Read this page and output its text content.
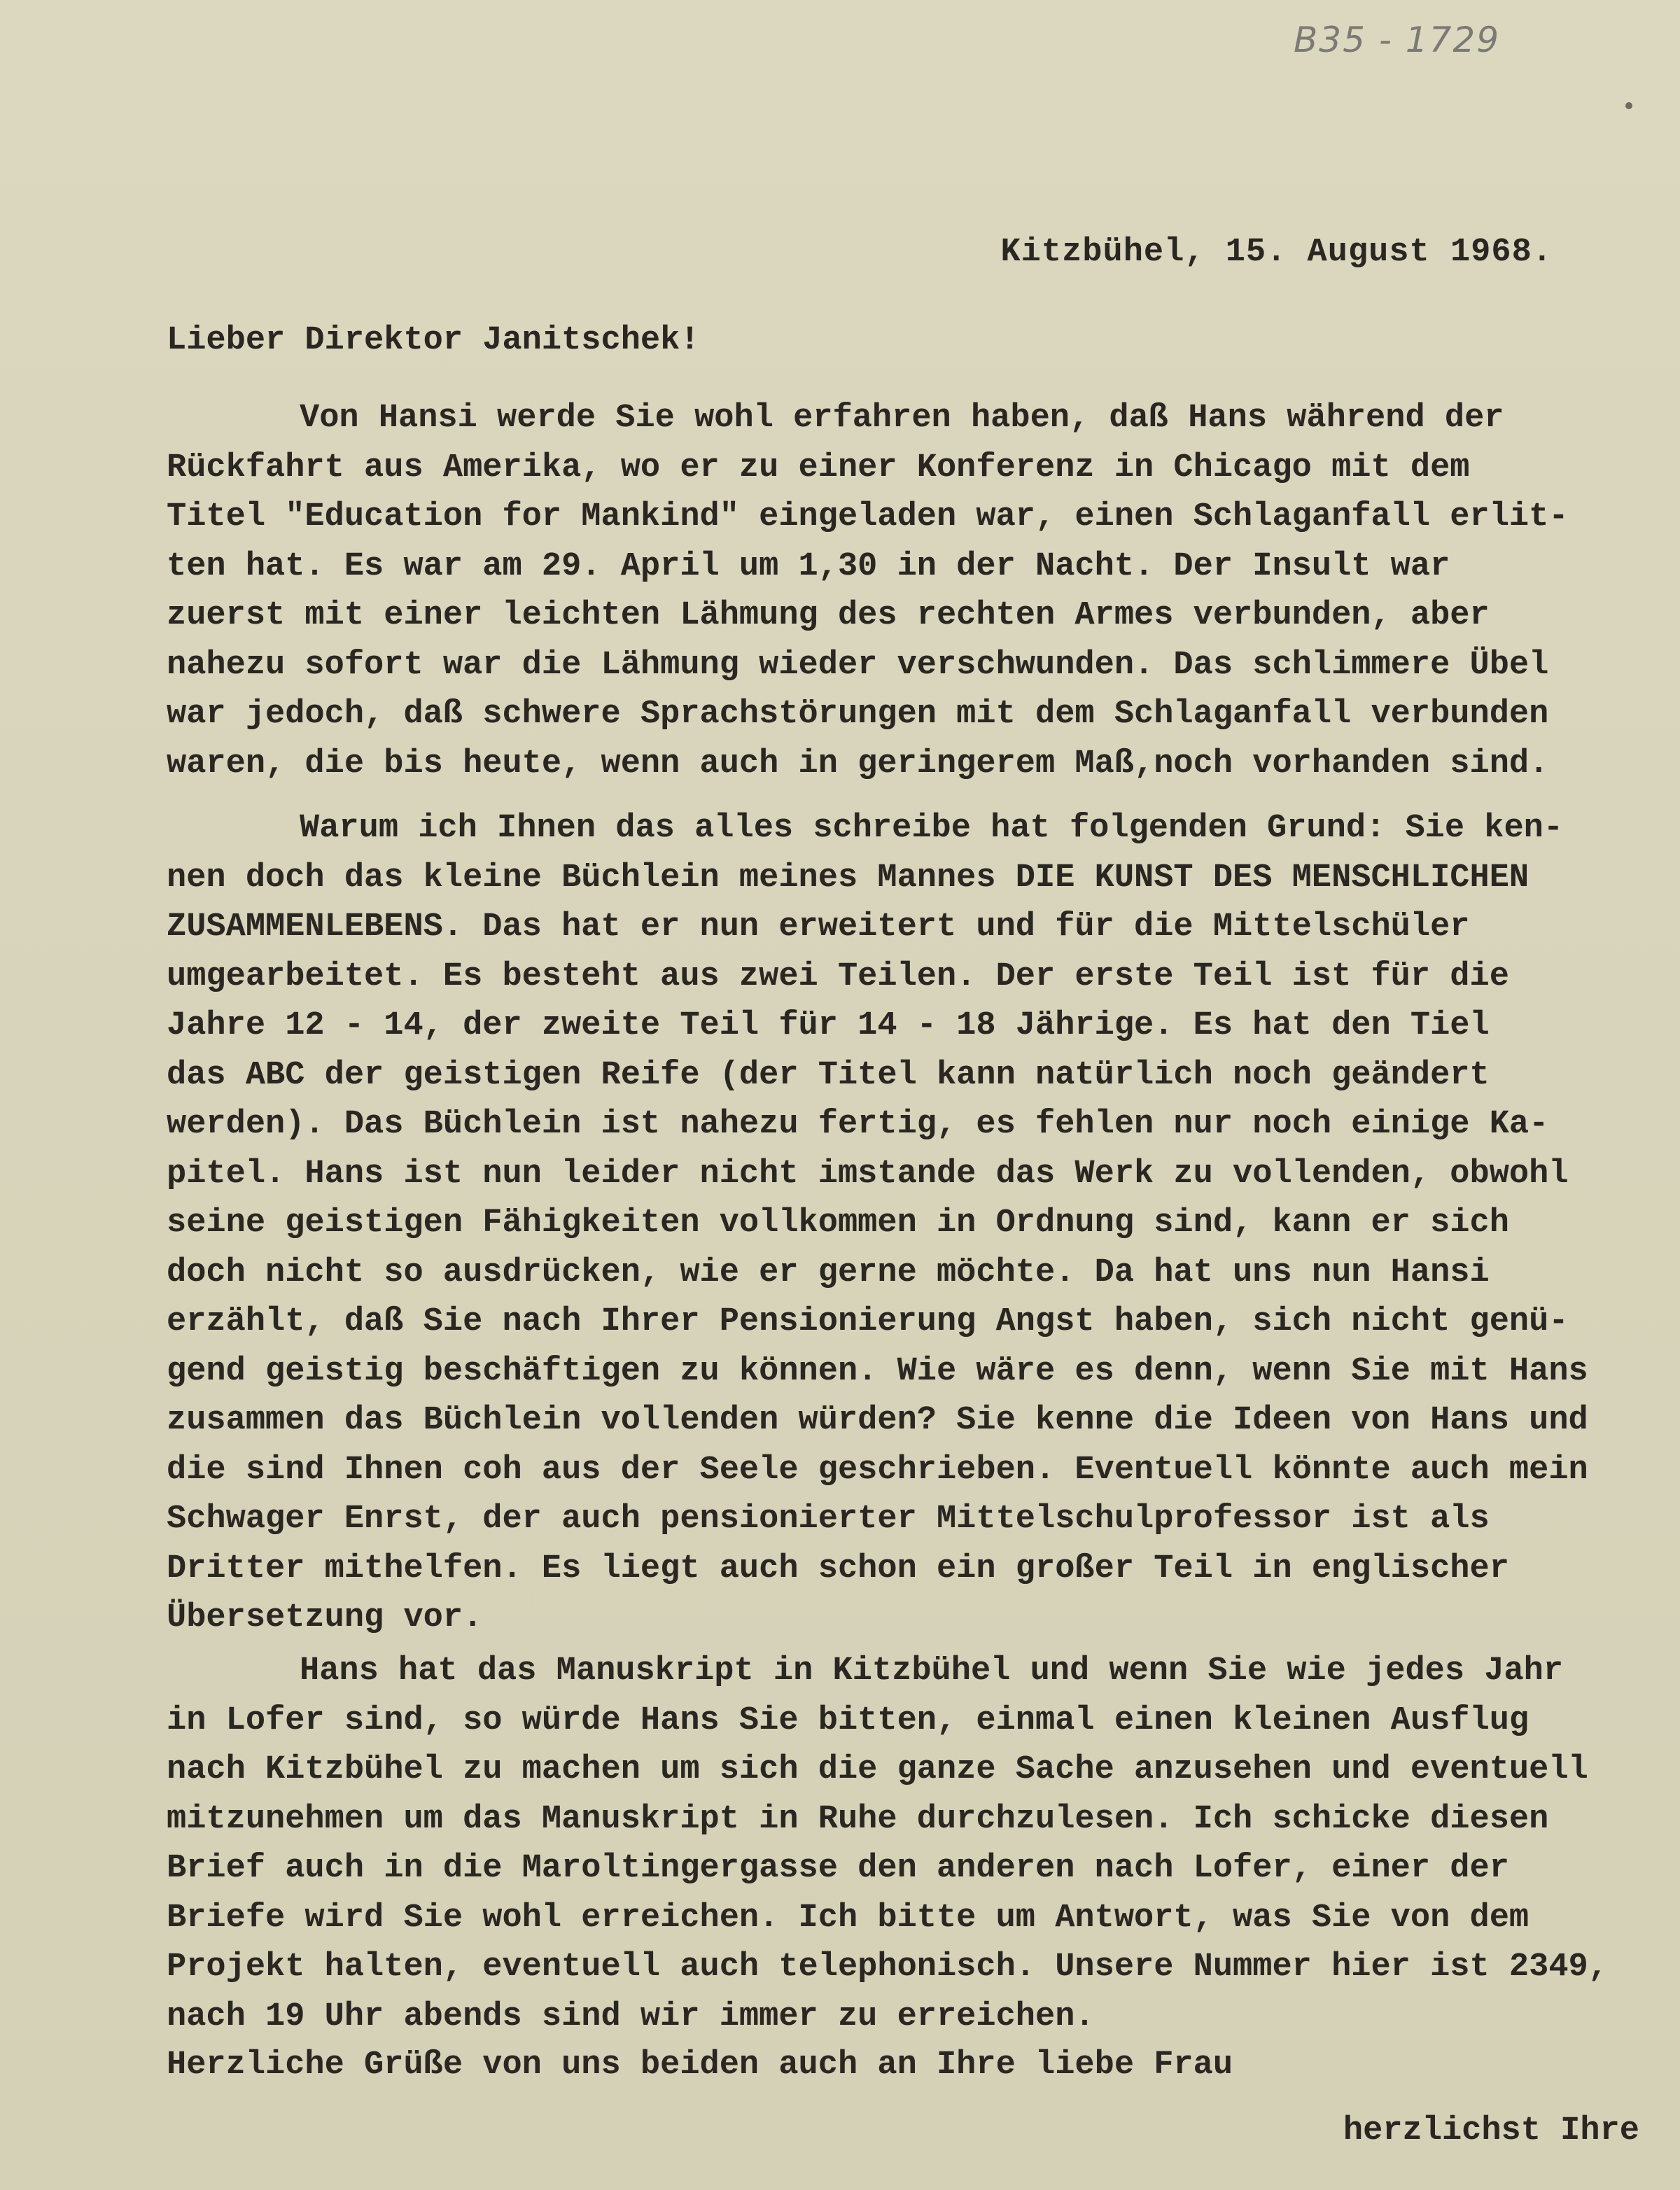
B35 - 1729
Kitzbühel, 15. August 1968.
Lieber Direktor Janitschek!
Von Hansi werde Sie wohl erfahren haben, daß Hans während der
Rückfahrt aus Amerika, wo er zu einer Konferenz in Chicago mit dem
Titel "Education for Mankind" eingeladen war, einen Schlaganfall erlit-
ten hat. Es war am 29. April um 1,30 in der Nacht. Der Insult war
zuerst mit einer leichten Lähmung des rechten Armes verbunden, aber
nahezu sofort war die Lähmung wieder verschwunden. Das schlimmere Übel
war jedoch, daß schwere Sprachstörungen mit dem Schlaganfall verbunden
waren, die bis heute, wenn auch in geringerem Maß,noch vorhanden sind.
Warum ich Ihnen das alles schreibe hat folgenden Grund: Sie ken-
nen doch das kleine Büchlein meines Mannes DIE KUNST DES MENSCHLICHEN
ZUSAMMENLEBENS. Das hat er nun erweitert und für die Mittelschüler
umgearbeitet. Es besteht aus zwei Teilen. Der erste Teil ist für die
Jahre 12 - 14, der zweite Teil für 14 - 18 Jährige. Es hat den Tiel
das ABC der geistigen Reife (der Titel kann natürlich noch geändert
werden). Das Büchlein ist nahezu fertig, es fehlen nur noch einige Ka-
pitel. Hans ist nun leider nicht imstande das Werk zu vollenden, obwohl
seine geistigen Fähigkeiten vollkommen in Ordnung sind, kann er sich
doch nicht so ausdrücken, wie er gerne möchte. Da hat uns nun Hansi
erzählt, daß Sie nach Ihrer Pensionierung Angst haben, sich nicht genü-
gend geistig beschäftigen zu können. Wie wäre es denn, wenn Sie mit Hans
zusammen das Büchlein vollenden würden? Sie kenne die Ideen von Hans und
die sind Ihnen coh aus der Seele geschrieben. Eventuell könnte auch mein
Schwager Enrst, der auch pensionierter Mittelschulprofessor ist als
Dritter mithelfen. Es liegt auch schon ein großer Teil in englischer
Übersetzung vor.
Hans hat das Manuskript in Kitzbühel und wenn Sie wie jedes Jahr
in Lofer sind, so würde Hans Sie bitten, einmal einen kleinen Ausflug
nach Kitzbühel zu machen um sich die ganze Sache anzusehen und eventuell
mitzunehmen um das Manuskript in Ruhe durchzulesen. Ich schicke diesen
Brief auch in die Maroltingergasse den anderen nach Lofer, einer der
Briefe wird Sie wohl erreichen. Ich bitte um Antwort, was Sie von dem
Projekt halten, eventuell auch telephonisch. Unsere Nummer hier ist 2349,
nach 19 Uhr abends sind wir immer zu erreichen.
Herzliche Grüße von uns beiden auch an Ihre liebe Frau
herzlichst Ihre
